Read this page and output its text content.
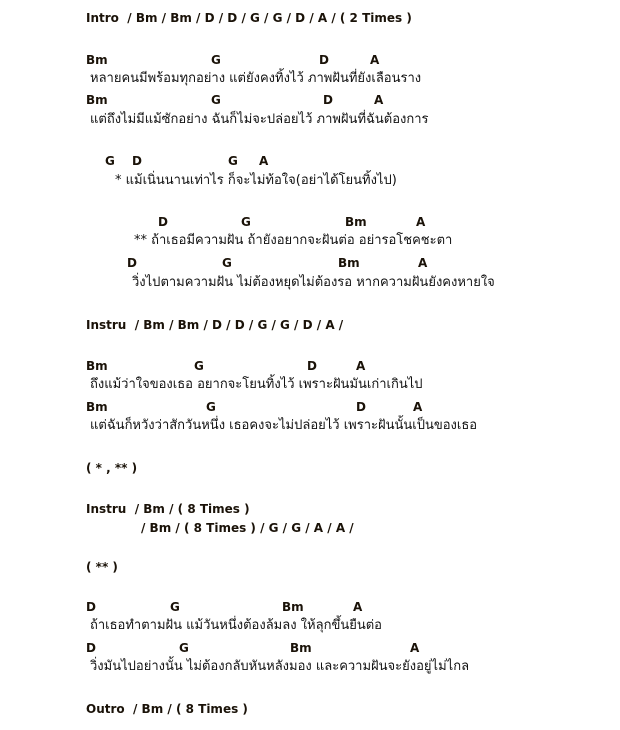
Intro  / Bm / Bm / D / D / G / G / D / A / ( 2 Times )
Bm	G	D	A
หลายคนมีพร้อมทุกอย่าง แต่ยังคงทิ้งไว้ ภาพฝันที่ยังเลือนราง
Bm	G	D	A
แต่ถึงไม่มีแม้ซักอย่าง ฉันก็ไม่จะปล่อยไว้ ภาพฝันที่ฉันต้องการ
G D	G A
* แม้เนิ่นนานเท่าไร ก็จะไม่ท้อใจ(อย่าได้โยนทิ้งไป)
D	G	Bm	A
** ถ้าเธอมีความฝัน ถ้ายังอยากจะฝันต่อ อย่ารอโชคชะตา
D	G	Bm	A
วิ่งไปตามความฝัน ไม่ต้องหยุดไม่ต้องรอ หากความฝันยังคงหายใจ
Instru  / Bm / Bm / D / D / G / G / D / A /
Bm	G	D	A
ถึงแม้ว่าใจของเธอ อยากจะโยนทิ้งไว้ เพราะฝันมันเก่าเกินไป
Bm	G	D	A
แต่ฉันก็หวังว่าสักวันหนึ่ง เธอคงจะไม่ปล่อยไว้ เพราะฝันนั้นเป็นของเธอ
( * , ** )
Instru  / Bm / ( 8 Times )
/ Bm / ( 8 Times ) / G / G / A / A /
( ** )
D	G	Bm	A
ถ้าเธอทำตามฝัน แม้วันหนึ่งต้องล้มลง ให้ลุกขึ้นยืนต่อ
D	G	Bm	A
วิ่งมันไปอย่างนั้น ไม่ต้องกลับหันหลังมอง และความฝันจะยังอยู่ไม่ไกล
Outro  / Bm / ( 8 Times )
